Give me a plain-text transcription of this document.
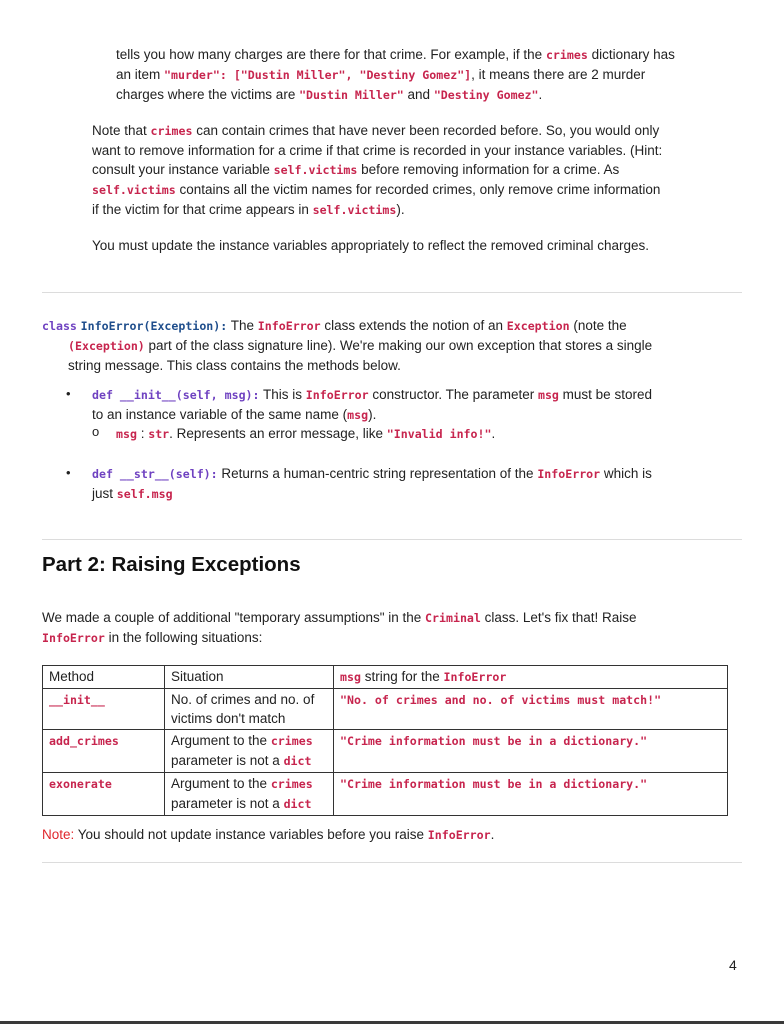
tells you how many charges are there for that crime. For example, if the crimes dictionary has
an item "murder": ["Dustin Miller", "Destiny Gomez"], it means there are 2 murder
charges where the victims are "Dustin Miller" and "Destiny Gomez".
Note that crimes can contain crimes that have never been recorded before. So, you would only
want to remove information for a crime if that crime is recorded in your instance variables. (Hint:
consult your instance variable self.victims before removing information for a crime. As
self.victims contains all the victim names for recorded crimes, only remove crime information
if the victim for that crime appears in self.victims).

You must update the instance variables appropriately to reflect the removed criminal charges.

class InfoError(Exception): The InfoError class extends the notion of an Exception (note the
(Exception) part of the class signature line). We're making our own exception that stores a single
string message. This class contains the methods below.
• def __init__(self, msg): This is InfoError constructor. The parameter msg must be stored
to an instance variable of the same name (msg).
o msg : str. Represents an error message, like "Invalid info!".
• def __str__(self): Returns a human-centric string representation of the InfoError which is
just self.msg
Part 2: Raising Exceptions
We made a couple of additional "temporary assumptions" in the Criminal class. Let's fix that! Raise
InfoError in the following situations:
Method	Situation	msg string for the InfoError
__init__	No. of crimes and no. of
victims don't match	"No. of crimes and no. of victims must match!"
add_crimes	Argument to the crimes
parameter is not a dict	"Crime information must be in a dictionary."
exonerate	Argument to the crimes
parameter is not a dict	"Crime information must be in a dictionary."

Note: You should not update instance variables before you raise InfoError.

4
